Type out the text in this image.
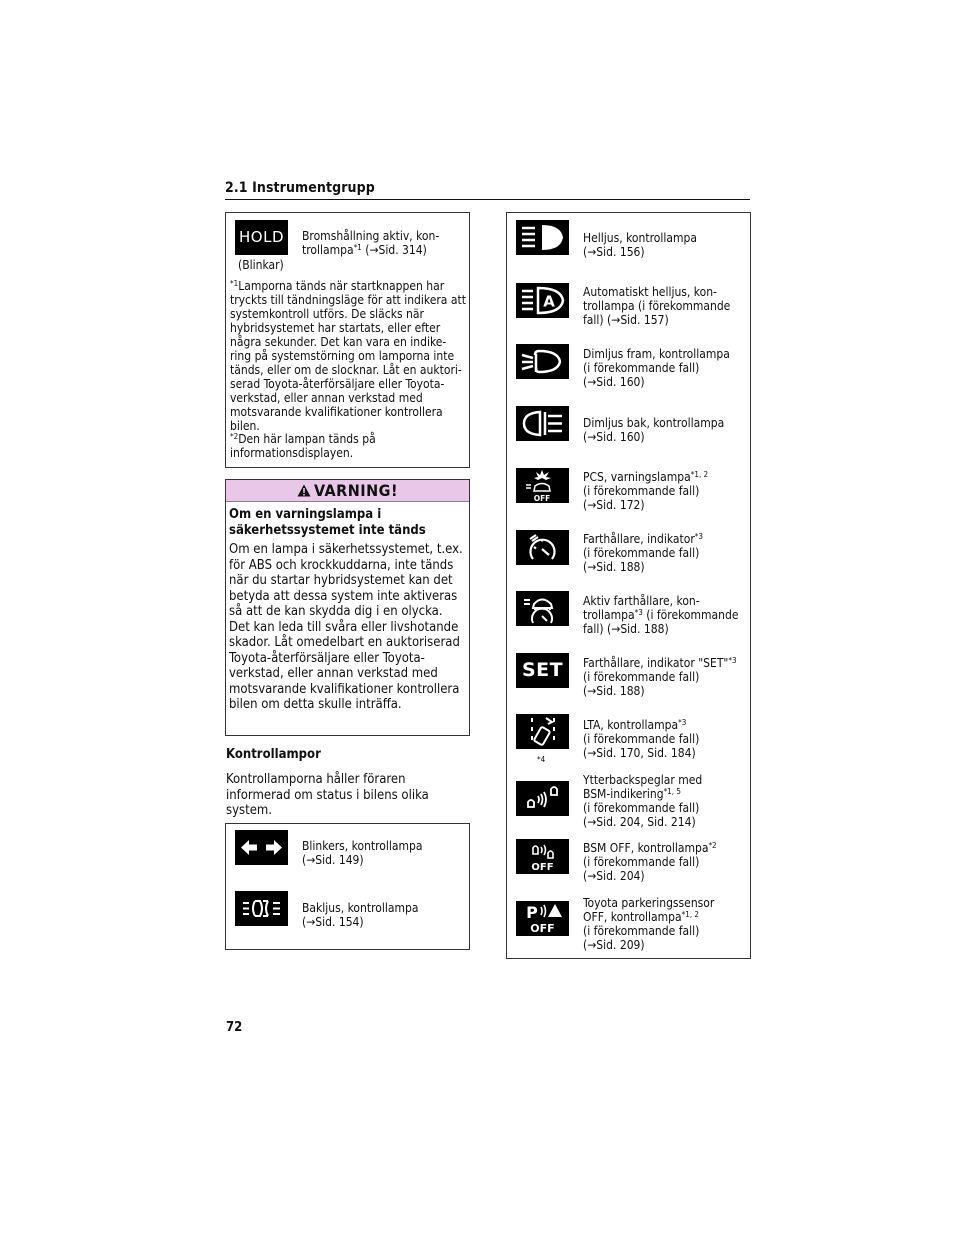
2.1 Instrumentgrupp
HOLD
(Blinkar)
Bromshållning aktiv, kon-
trollampa$^{*1}$ (→Sid. 314)
$^{*1}$Lamporna tänds när startknappen har tryckts till tändningsläge för att indikera att systemkontroll utförs. De släcks när hybridsystemet har startats, eller efter några sekunder. Det kan vara en indike-ring på systemstörning om lamporna inte tänds, eller om de slocknar. Låt en auktori-serad Toyota-återförsäljare eller Toyota-verkstad, eller annan verkstad med motsvarande kvalifikationer kontrollera bilen.
$^{*2}$Den här lampan tänds på informationsdisplayen.
VARNING!
Om en varningslampa i säkerhetssystemet inte tänds
Om en lampa i säkerhetssystemet, t.ex. för ABS och krockkuddarna, inte tänds när du startar hybridsystemet kan det betyda att dessa system inte aktiveras så att de kan skydda dig i en olycka. Det kan leda till svåra eller livshotande skador. Låt omedelbart en auktoriserad Toyota-återförsäljare eller Toyota-verkstad, eller annan verkstad med motsvarande kvalifikationer kontrollera bilen om detta skulle inträffa.
Kontrollampor
Kontrollamporna håller föraren informerad om status i bilens olika system.
Blinkers, kontrollampa
(→Sid. 149)
Bakljus, kontrollampa
(→Sid. 154)
Helljus, kontrollampa
(→Sid. 156)
A
Automatiskt helljus, kon-
trollampa (i förekommande
fall) (→Sid. 157)
Dimljus fram, kontrollampa
(i förekommande fall)
(→Sid. 160)
Dimljus bak, kontrollampa
(→Sid. 160)
OFF
PCS, varningslampa$^{*1, 2}$
(i förekommande fall)
(→Sid. 172)
Farthållare, indikator$^{*3}$
(i förekommande fall)
(→Sid. 188)
Aktiv farthållare, kon-
trollampa$^{*3}$ (i förekommande
fall) (→Sid. 188)
SET	Farthållare, indikator "SET"$^{*3}$
(i förekommande fall)
(→Sid. 188)
*4
LTA, kontrollampa$^{*3}$
(i förekommande fall)
(→Sid. 170, Sid. 184)
Ytterbackspeglar med
BSM-indikering$^{*1, 5}$
(i förekommande fall)
(→Sid. 204, Sid. 214)
OFF
BSM OFF, kontrollampa$^{*2}$
(i förekommande fall)
(→Sid. 204)
P
OFF
Toyota parkeringssensor
OFF, kontrollampa$^{*1, 2}$
(i förekommande fall)
(→Sid. 209)
72
